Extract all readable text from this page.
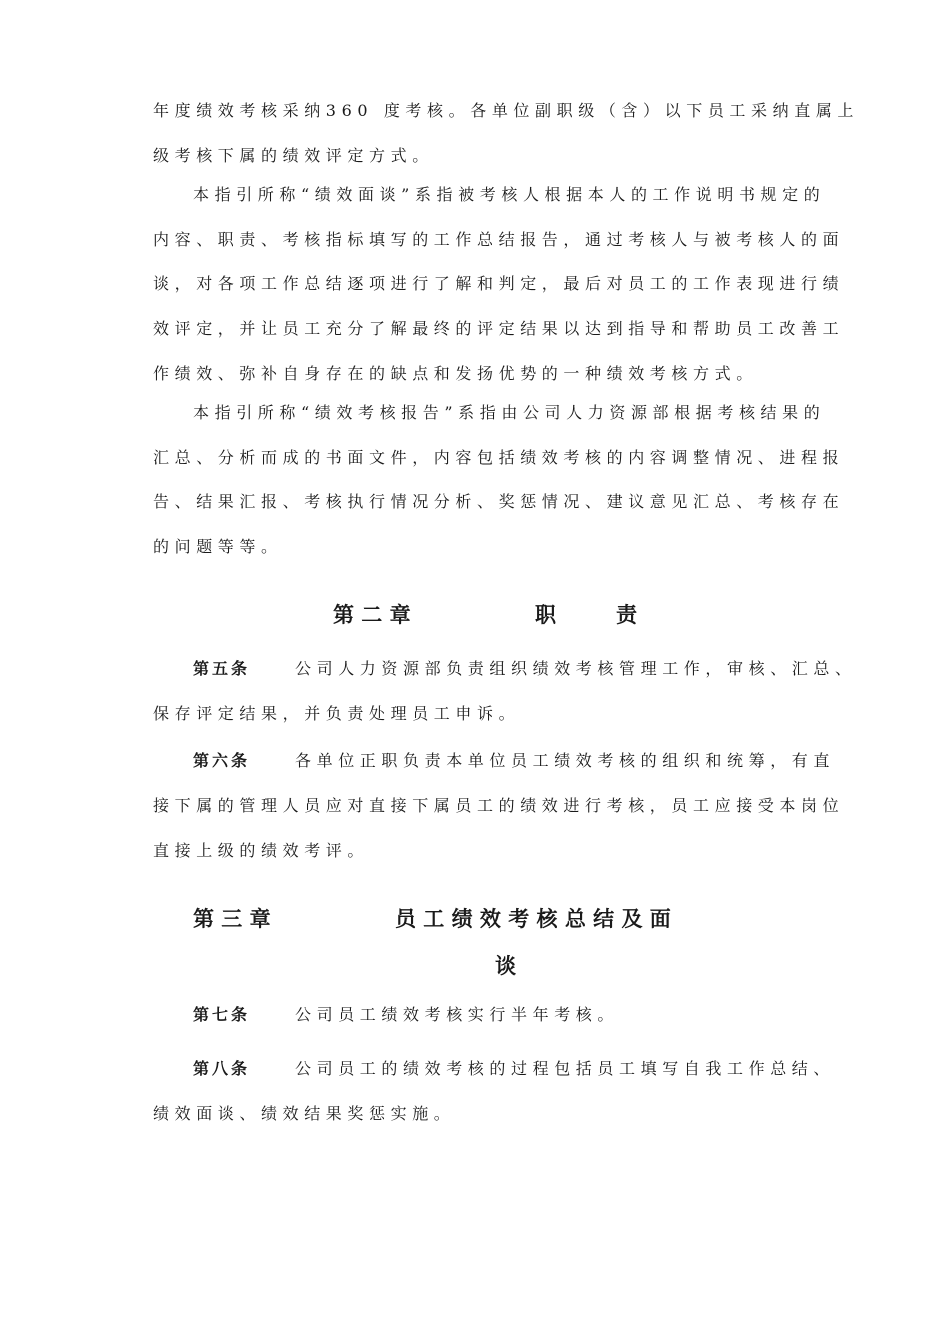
年度绩效考核采纳360 度考核。各单位副职级（含）以下员工采纳直属上
级考核下属的绩效评定方式。
本指引所称“绩效面谈”系指被考核人根据本人的工作说明书规定的
内容、职责、考核指标填写的工作总结报告，通过考核人与被考核人的面
谈，对各项工作总结逐项进行了解和判定，最后对员工的工作表现进行绩
效评定，并让员工充分了解最终的评定结果以达到指导和帮助员工改善工
作绩效、弥补自身存在的缺点和发扬优势的一种绩效考核方式。
本指引所称“绩效考核报告”系指由公司人力资源部根据考核结果的
汇总、分析而成的书面文件，内容包括绩效考核的内容调整情况、进程报
告、结果汇报、考核执行情况分析、奖惩情况、建议意见汇总、考核存在
的问题等等。
第 二 章	职	责
第五条	公司人力资源部负责组织绩效考核管理工作，审核、汇总、
保存评定结果，并负责处理员工申诉。
第六条	各单位正职负责本单位员工绩效考核的组织和统筹，有直
接下属的管理人员应对直接下属员工的绩效进行考核，员工应接受本岗位
直接上级的绩效考评。
第 三 章	员 工 绩 效 考 核 总 结 及 面
谈
第七条	公司员工绩效考核实行半年考核。
第八条	公司员工的绩效考核的过程包括员工填写自我工作总结、
绩效面谈、绩效结果奖惩实施。
